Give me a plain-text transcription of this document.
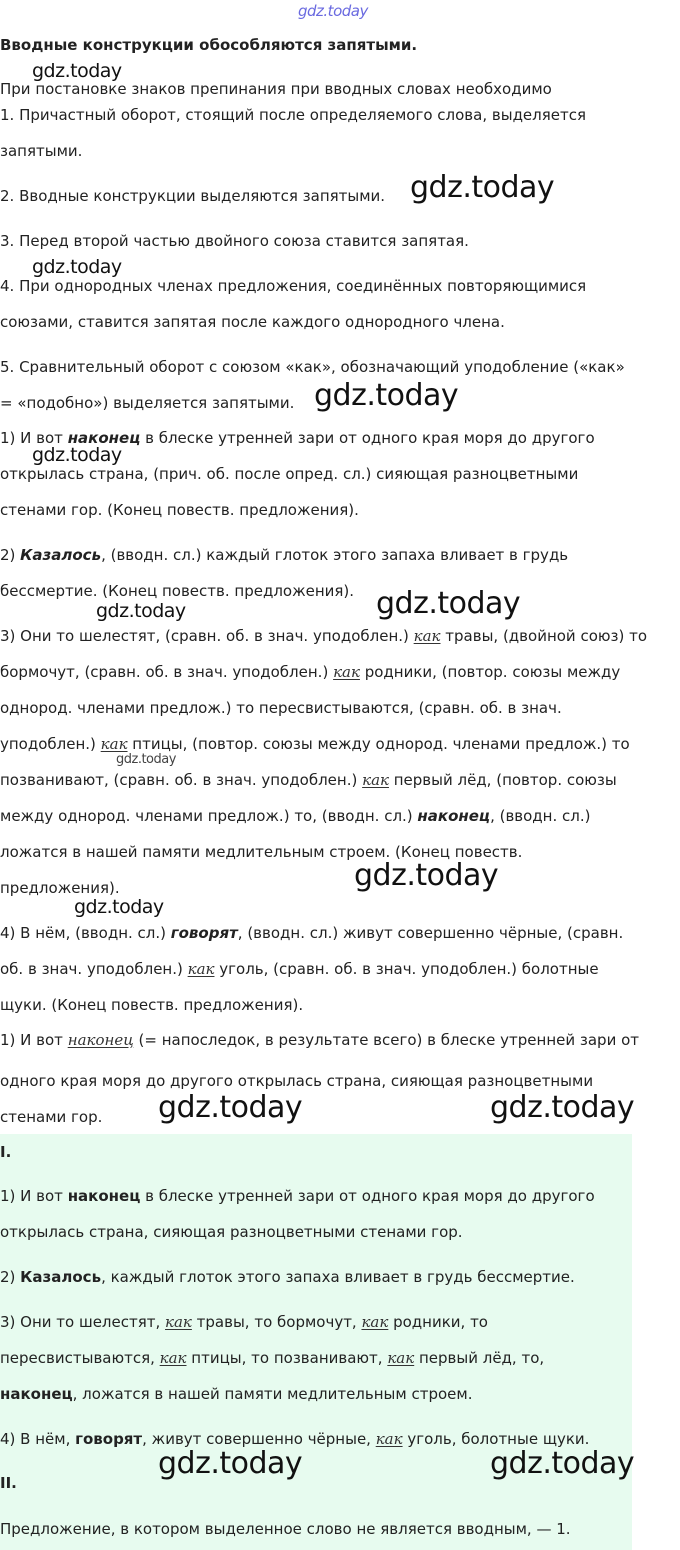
gdz.today
gdz.today
gdz.today
gdz.today
gdz.today
gdz.today
gdz.today	gdz.today
gdz.today
gdz.today
gdz.today
gdz.today	gdz.today
gdz.today	gdz.today
Вводные конструкции обособляются запятыми.
При постановке знаков препинания при вводных словах необходимо
1. Причастный оборот, стоящий после определяемого слова, выделяется
запятыми.
2. Вводные конструкции выделяются запятыми.
3. Перед второй частью двойного союза ставится запятая.
4. При однородных членах предложения, соединённых повторяющимися
союзами, ставится запятая после каждого однородного члена.
5. Сравнительный оборот с союзом «как», обозначающий уподобление («как»
= «подобно») выделяется запятыми.
1) И вот наконец в блеске утренней зари от одного края моря до другого
открылась страна, (прич. об. после опред. сл.) сияющая разноцветными
стенами гор. (Конец повеств. предложения).
2) Казалось, (вводн. сл.) каждый глоток этого запаха вливает в грудь
бессмертие. (Конец повеств. предложения).
3) Они то шелестят, (сравн. об. в знач. уподоблен.) как травы, (двойной союз) то
бормочут, (сравн. об. в знач. уподоблен.) как родники, (повтор. союзы между
однород. членами предлож.) то пересвистываются, (сравн. об. в знач.
уподоблен.) как птицы, (повтор. союзы между однород. членами предлож.) то
позванивают, (сравн. об. в знач. уподоблен.) как первый лёд, (повтор. союзы
между однород. членами предлож.) то, (вводн. сл.) наконец, (вводн. сл.)
ложатся в нашей памяти медлительным строем. (Конец повеств.
предложения).
4) В нём, (вводн. сл.) говорят, (вводн. сл.) живут совершенно чёрные, (сравн.
об. в знач. уподоблен.) как уголь, (сравн. об. в знач. уподоблен.) болотные
щуки. (Конец повеств. предложения).
1) И вот наконец (= напоследок, в результате всего) в блеске утренней зари от
одного края моря до другого открылась страна, сияющая разноцветными
стенами гор.
I.
1) И вот наконец в блеске утренней зари от одного края моря до другого
открылась страна, сияющая разноцветными стенами гор.
2) Казалось, каждый глоток этого запаха вливает в грудь бессмертие.
3) Они то шелестят, как травы, то бормочут, как родники, то
пересвистываются, как птицы, то позванивают, как первый лёд, то,
наконец, ложатся в нашей памяти медлительным строем.
4) В нём, говорят, живут совершенно чёрные, как уголь, болотные щуки.
II.
Предложение, в котором выделенное слово не является вводным, — 1.
